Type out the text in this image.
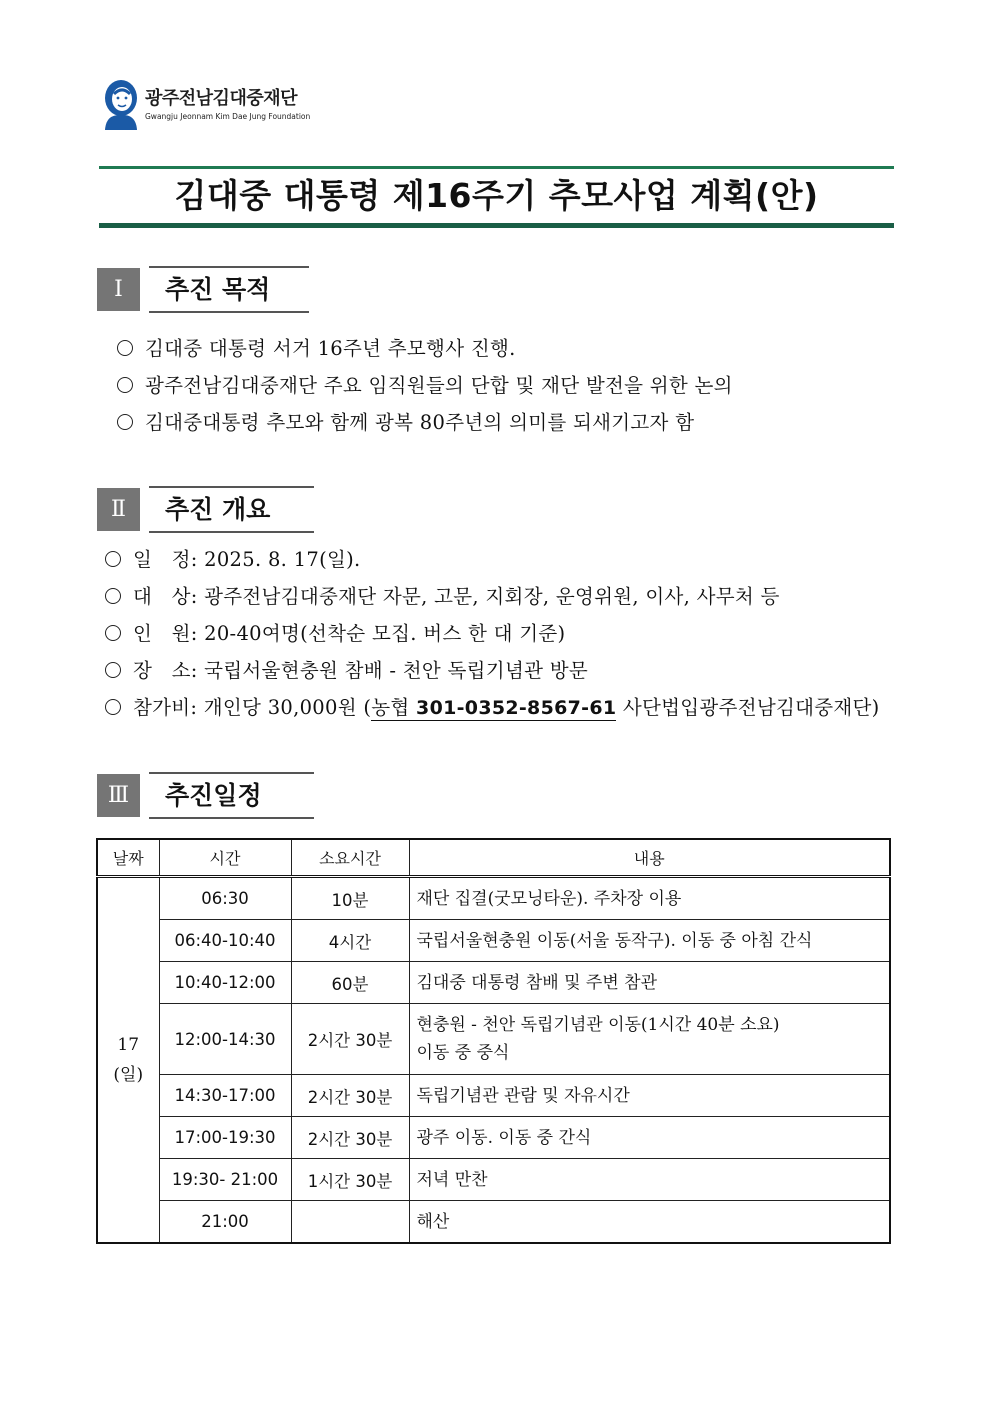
광주전남김대중재단
Gwangju Jeonnam Kim Dae Jung Foundation
김대중 대통령 제16주기 추모사업 계획(안)
Ⅰ	추진 목적
김대중 대통령 서거 16주년 추모행사 진행.
광주전남김대중재단 주요 임직원들의 단합 및 재단 발전을 위한 논의
김대중대통령 추모와 함께 광복 80주년의 의미를 되새기고자 함
Ⅱ	추진 개요
일   정: 2025. 8. 17(일).
대   상: 광주전남김대중재단 자문, 고문, 지회장, 운영위원, 이사, 사무처 등
인   원: 20-40여명(선착순 모집. 버스 한 대 기준)
장   소: 국립서울현충원 참배 - 천안 독립기념관 방문
참가비: 개인당 30,000원 (농협 301-0352-8567-61 사단법입광주전남김대중재단)
Ⅲ	추진일정
날짜	시간	소요시간	내용
17
(일)	06:30	10분	재단 집결(굿모닝타운). 주차장 이용

	06:40-10:40	4시간	국립서울현충원 이동(서울 동작구). 이동 중 아침 간식

	10:40-12:00	60분	김대중 대통령 참배 및 주변 참관

	12:00-14:30	2시간 30분	현충원 - 천안 독립기념관 이동(1시간 40분 소요)
이동 중 중식

	14:30-17:00	2시간 30분	독립기념관 관람 및 자유시간

	17:00-19:30	2시간 30분	광주 이동. 이동 중 간식

	19:30- 21:00	1시간 30분	저녁 만찬

	21:00		해산
